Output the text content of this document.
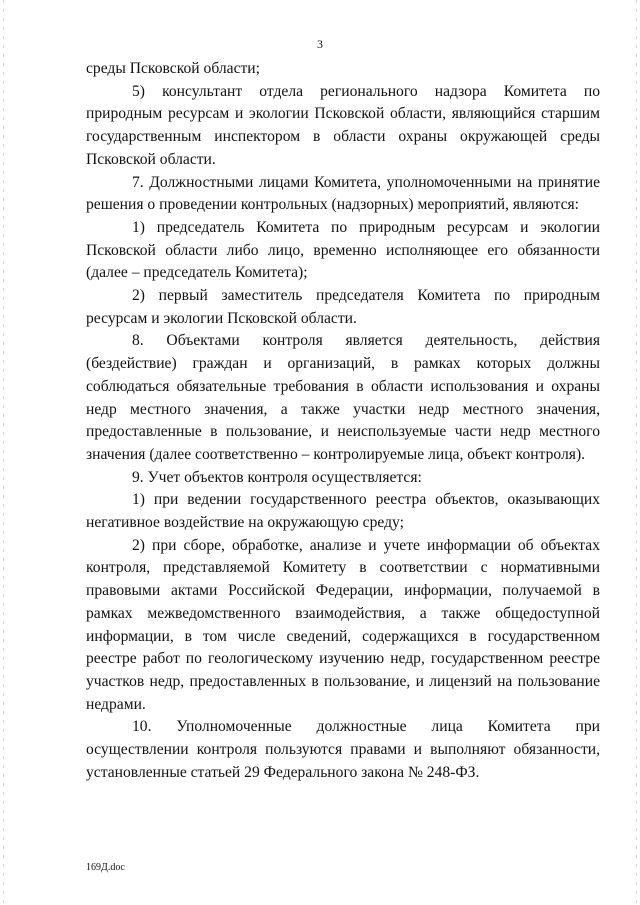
3

среды Псковской области;

5) консультант отдела регионального надзора Комитета по природным ресурсам и экологии Псковской области, являющийся старшим государственным инспектором в области охраны окружающей среды Псковской области.

7. Должностными лицами Комитета, уполномоченными на принятие решения о проведении контрольных (надзорных) мероприятий, являются:

1) председатель Комитета по природным ресурсам и экологии Псковской области либо лицо, временно исполняющее его обязанности (далее – председатель Комитета);

2) первый заместитель председателя Комитета по природным ресурсам и экологии Псковской области.

8. Объектами контроля является деятельность, действия (бездействие) граждан и организаций, в рамках которых должны соблюдаться обязательные требования в области использования и охраны недр местного значения, а также участки недр местного значения, предоставленные в пользование, и неиспользуемые части недр местного значения (далее соответственно – контролируемые лица, объект контроля).

9. Учет объектов контроля осуществляется:

1) при ведении государственного реестра объектов, оказывающих негативное воздействие на окружающую среду;

2) при сборе, обработке, анализе и учете информации об объектах контроля, представляемой Комитету в соответствии с нормативными правовыми актами Российской Федерации, информации, получаемой в рамках межведомственного взаимодействия, а также общедоступной информации, в том числе сведений, содержащихся в государственном реестре работ по геологическому изучению недр, государственном реестре участков недр, предоставленных в пользование, и лицензий на пользование недрами.

10. Уполномоченные должностные лица Комитета при осуществлении контроля пользуются правами и выполняют обязанности, установленные статьей 29 Федерального закона № 248-ФЗ.

169Д.doc
